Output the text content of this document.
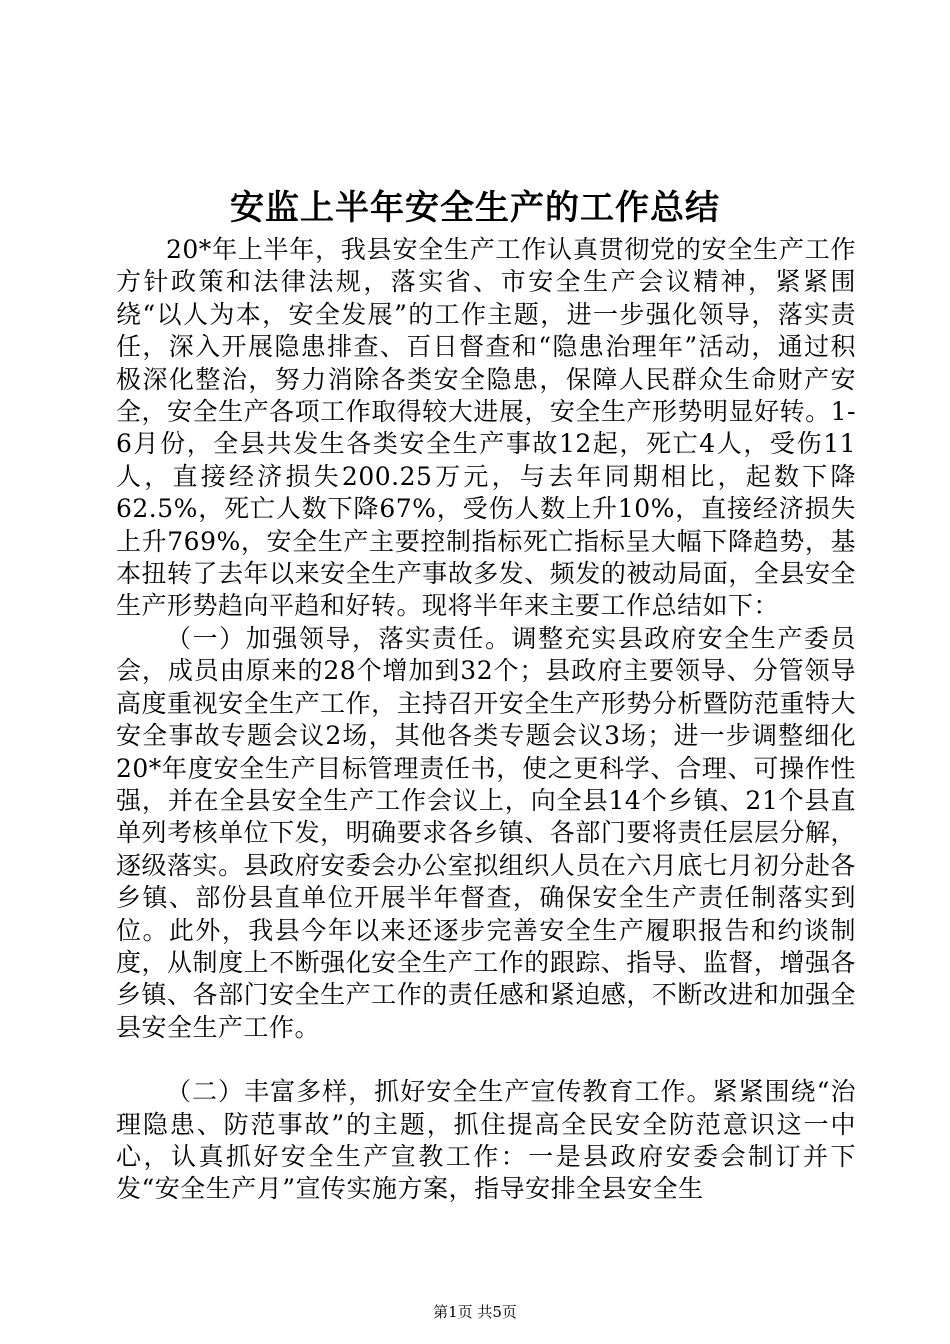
安监上半年安全生产的工作总结

20*年上半年，我县安全生产工作认真贯彻党的安全生产工作方针政策和法律法规，落实省、市安全生产会议精神，紧紧围绕“以人为本，安全发展”的工作主题，进一步强化领导，落实责任，深入开展隐患排查、百日督查和“隐患治理年”活动，通过积极深化整治，努力消除各类安全隐患，保障人民群众生命财产安全，安全生产各项工作取得较大进展，安全生产形势明显好转。1-6月份，全县共发生各类安全生产事故12起，死亡4人，受伤11人，直接经济损失200.25万元，与去年同期相比，起数下降62.5%，死亡人数下降67%，受伤人数上升10%，直接经济损失上升769%，安全生产主要控制指标死亡指标呈大幅下降趋势，基本扭转了去年以来安全生产事故多发、频发的被动局面，全县安全生产形势趋向平趋和好转。现将半年来主要工作总结如下：

（一）加强领导，落实责任。调整充实县政府安全生产委员会，成员由原来的28个增加到32个；县政府主要领导、分管领导高度重视安全生产工作，主持召开安全生产形势分析暨防范重特大安全事故专题会议2场，其他各类专题会议3场；进一步调整细化20*年度安全生产目标管理责任书，使之更科学、合理、可操作性强，并在全县安全生产工作会议上，向全县14个乡镇、21个县直单列考核单位下发，明确要求各乡镇、各部门要将责任层层分解，逐级落实。县政府安委会办公室拟组织人员在六月底七月初分赴各乡镇、部份县直单位开展半年督查，确保安全生产责任制落实到位。此外，我县今年以来还逐步完善安全生产履职报告和约谈制度，从制度上不断强化安全生产工作的跟踪、指导、监督，增强各乡镇、各部门安全生产工作的责任感和紧迫感，不断改进和加强全县安全生产工作。

（二）丰富多样，抓好安全生产宣传教育工作。紧紧围绕“治理隐患、防范事故”的主题，抓住提高全民安全防范意识这一中心，认真抓好安全生产宣教工作：一是县政府安委会制订并下发“安全生产月”宣传实施方案，指导安排全县安全生

第1页 共5页
